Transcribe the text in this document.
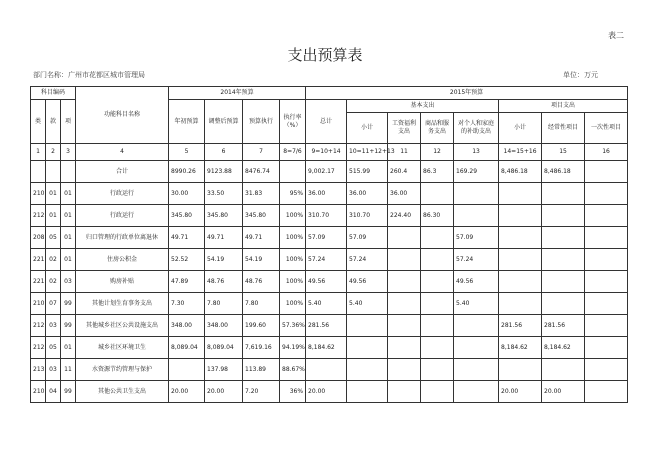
表二
支出预算表
部门名称：广州市花都区城市管理局	单位：万元
科目编码			功能科目名称	2014年预算				2015年预算							
类	款	项		年初预算	调整后预算	预算执行	执行率（%）	总计	基本支出				项目支出		
									小计	工资福利支出	商品和服务支出	对个人和家庭的补助支出	小计	经常性项目	一次性项目
1	2	3	4	5	6	7	8=7/6	9=10+14	10=11+12+13	11	12	13	14=15+16	15	16
			合计	8990.26	9123.88	8476.74		9,002.17	515.99	260.4	86.3	169.29	8,486.18	8,486.18	
210	01	01	行政运行	30.00	33.50	31.83	95%	36.00	36.00	36.00					
212	01	01	行政运行	345.80	345.80	345.80	100%	310.70	310.70	224.40	86.30				
208	05	01	归口管理的行政单位离退休	49.71	49.71	49.71	100%	57.09	57.09			57.09			
221	02	01	住房公积金	52.52	54.19	54.19	100%	57.24	57.24			57.24			
221	02	03	购房补贴	47.89	48.76	48.76	100%	49.56	49.56			49.56			
210	07	99	其他计划生育事务支出	7.30	7.80	7.80	100%	5.40	5.40			5.40			
212	03	99	其他城乡社区公共设施支出	348.00	348.00	199.60	57.36%	281.56					281.56	281.56	
212	05	01	城乡社区环境卫生	8,089.04	8,089.04	7,619.16	94.19%	8,184.62					8,184.62	8,184.62	
213	03	11	水资源节约管理与保护		137.98	113.89	88.67%								
210	04	99	其他公共卫生支出	20.00	20.00	7.20	36%	20.00					20.00	20.00	
